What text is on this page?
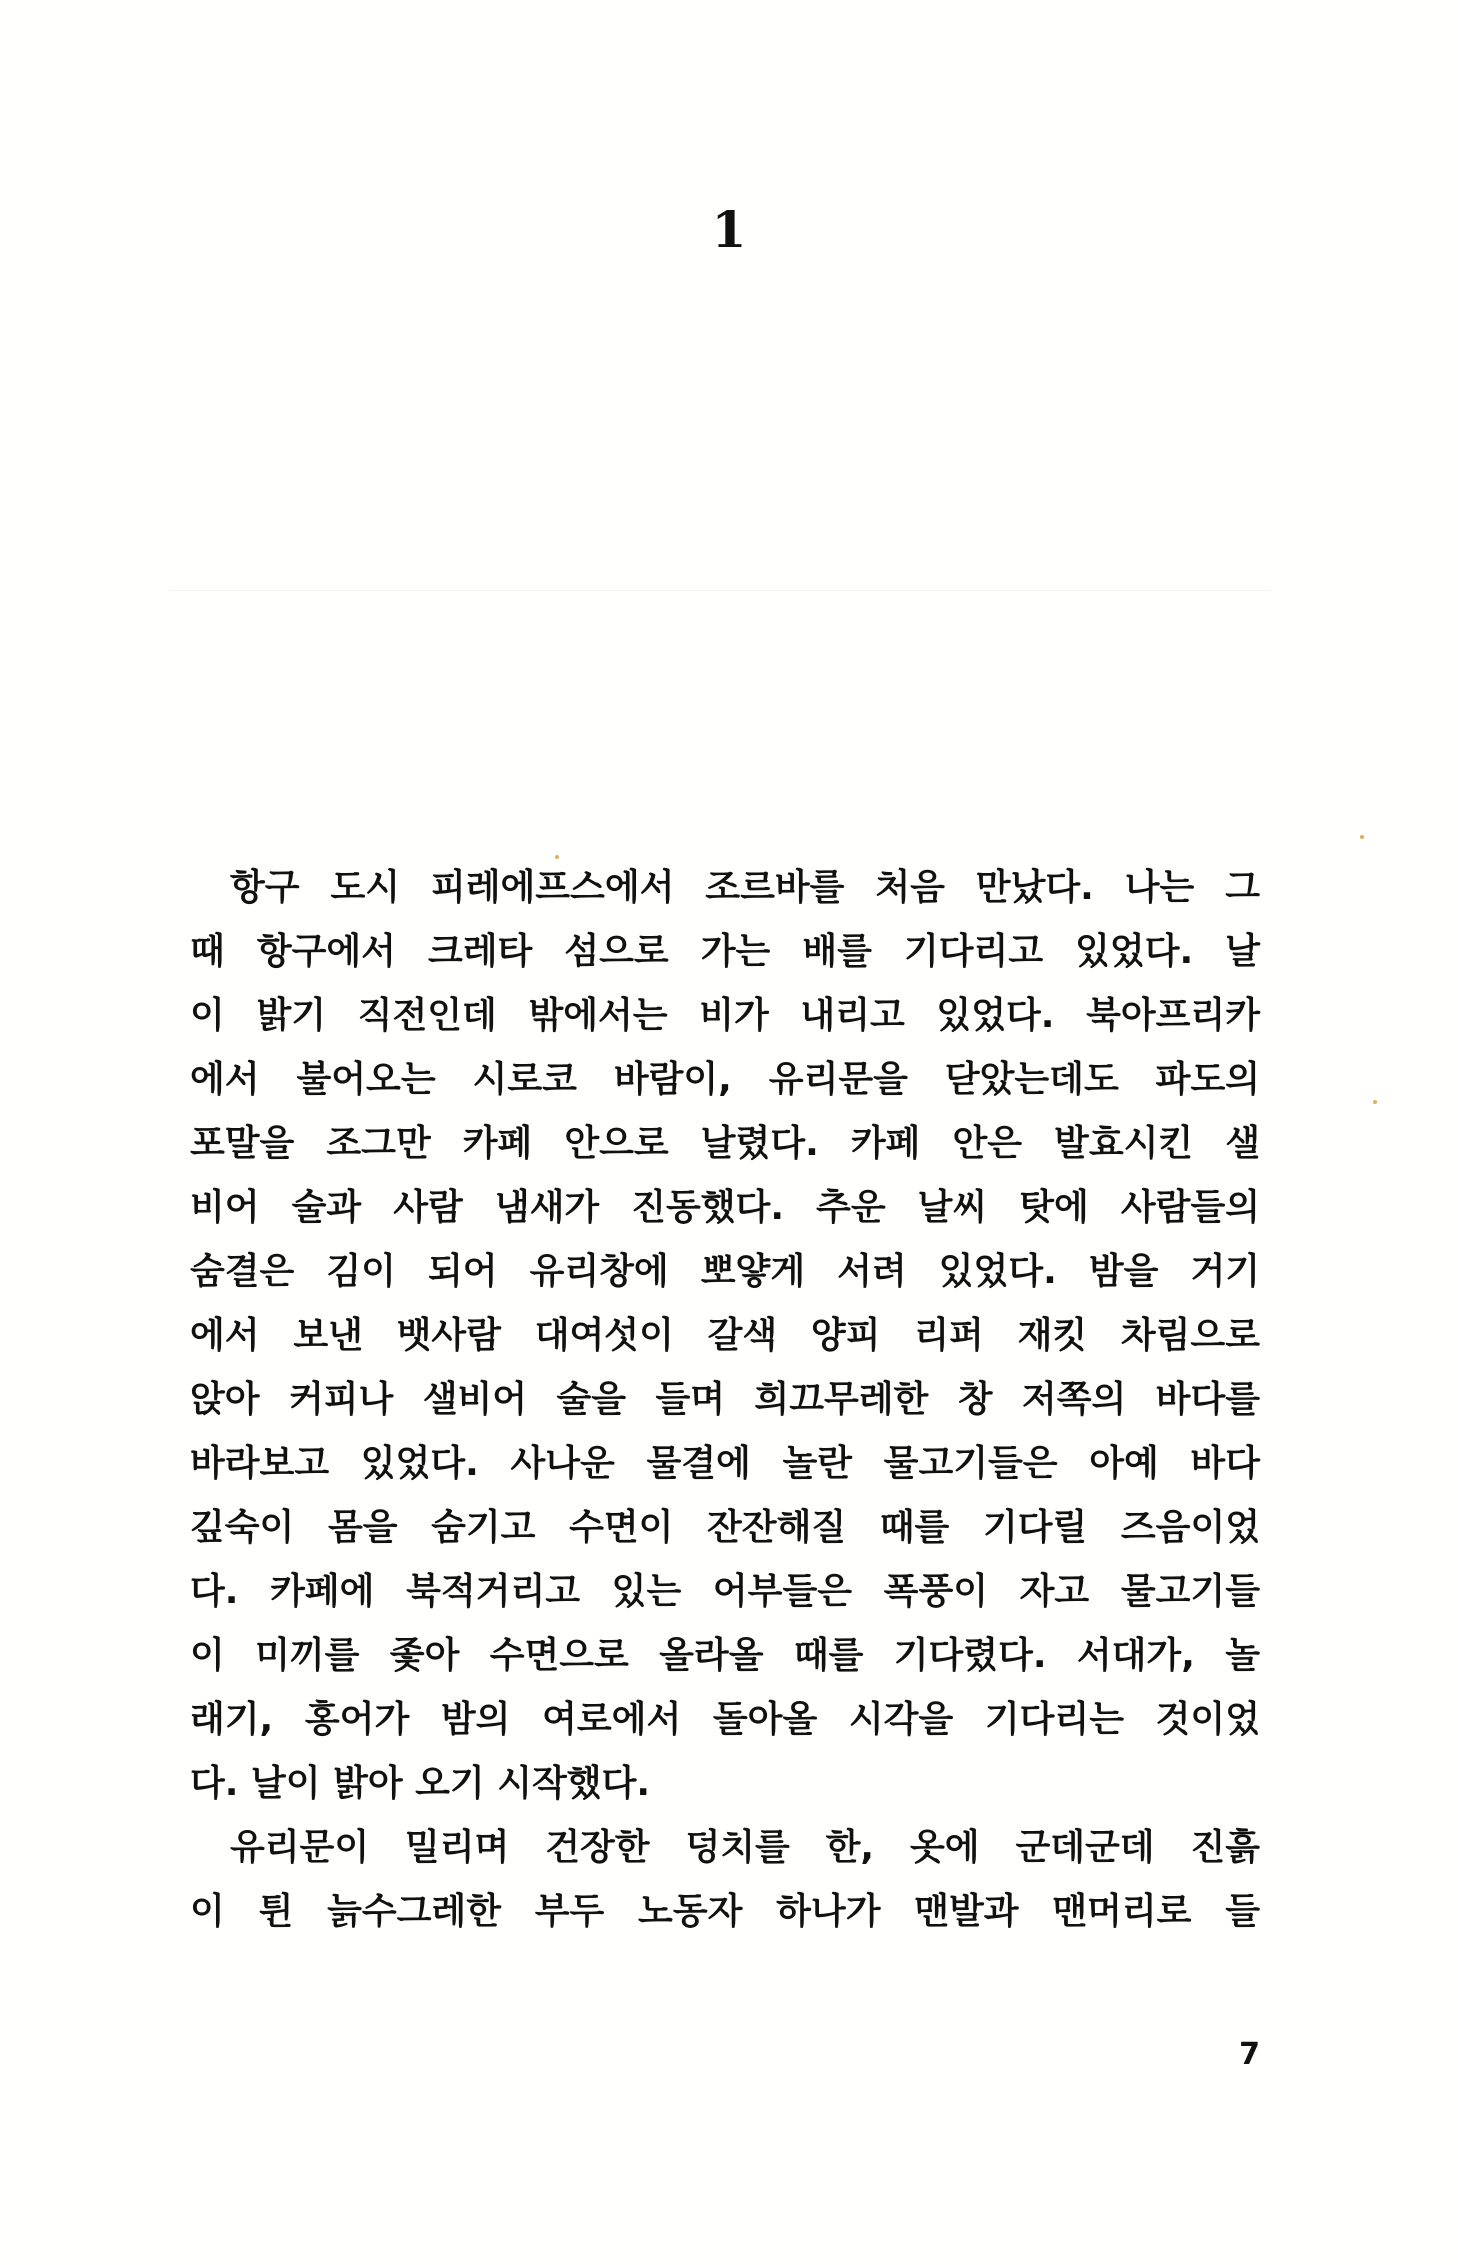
1

항구 도시 피레에프스에서 조르바를 처음 만났다. 나는 그
때 항구에서 크레타 섬으로 가는 배를 기다리고 있었다. 날
이 밝기 직전인데 밖에서는 비가 내리고 있었다. 북아프리카
에서 불어오는 시로코 바람이, 유리문을 닫았는데도 파도의
포말을 조그만 카페 안으로 날렸다. 카페 안은 발효시킨 샐
비어 술과 사람 냄새가 진동했다. 추운 날씨 탓에 사람들의
숨결은 김이 되어 유리창에 뽀얗게 서려 있었다. 밤을 거기
에서 보낸 뱃사람 대여섯이 갈색 양피 리퍼 재킷 차림으로
앉아 커피나 샐비어 술을 들며 희끄무레한 창 저쪽의 바다를
바라보고 있었다. 사나운 물결에 놀란 물고기들은 아예 바다
깊숙이 몸을 숨기고 수면이 잔잔해질 때를 기다릴 즈음이었
다. 카페에 북적거리고 있는 어부들은 폭풍이 자고 물고기들
이 미끼를 좇아 수면으로 올라올 때를 기다렸다. 서대가, 놀
래기, 홍어가 밤의 여로에서 돌아올 시각을 기다리는 것이었
다. 날이 밝아 오기 시작했다.

유리문이 밀리며 건장한 덩치를 한, 옷에 군데군데 진흙
이 튄 늙수그레한 부두 노동자 하나가 맨발과 맨머리로 들

7
